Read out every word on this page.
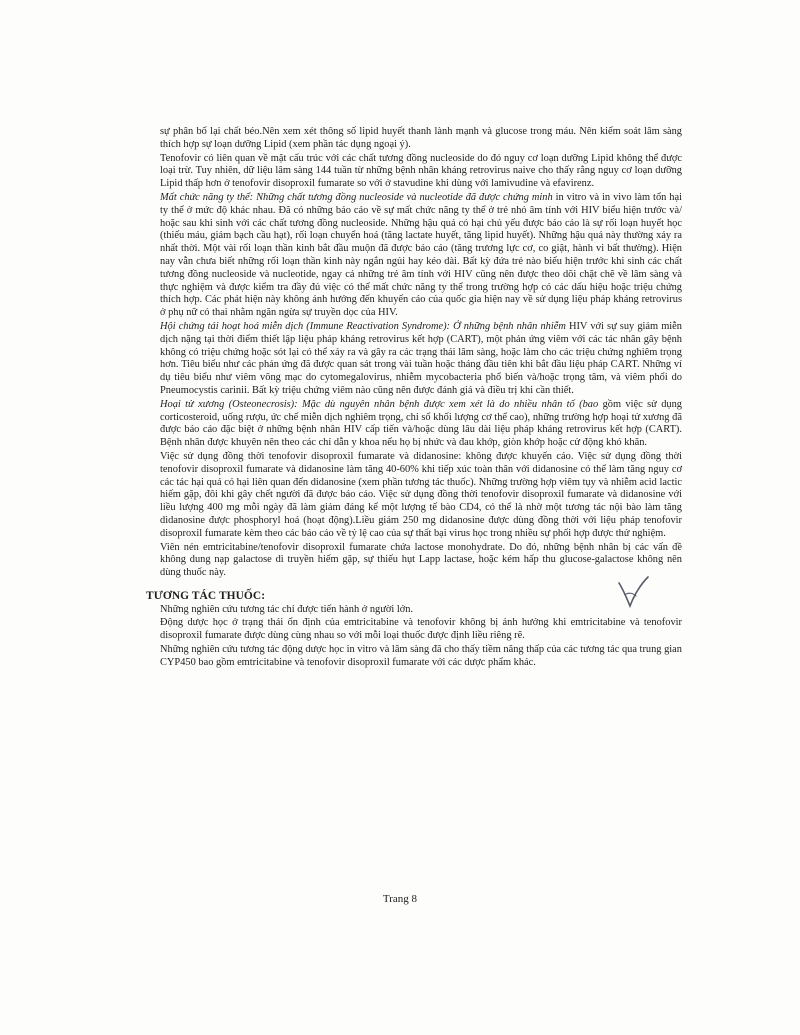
sự phân bố lại chất béo.Nên xem xét thông số lipid huyết thanh lành mạnh và glucose trong máu. Nên kiểm soát lâm sàng thích hợp sự loạn dưỡng Lipid (xem phần tác dụng ngoại ý).

Tenofovir có liên quan về mặt cấu trúc với các chất tương đồng nucleoside do đó nguy cơ loạn dưỡng Lipid không thể được loại trừ. Tuy nhiên, dữ liệu lâm sàng 144 tuần từ những bệnh nhân kháng retrovirus naive cho thấy rằng nguy cơ loạn dưỡng Lipid thấp hơn ở tenofovir disoproxil fumarate so với ở stavudine khi dùng với lamivudine và efavirenz.

Mất chức năng ty thể: Những chất tương đồng nucleoside và nucleotide đã được chứng minh in vitro và in vivo làm tổn hại ty thể ở mức độ khác nhau. Đã có những báo cáo về sự mất chức năng ty thể ở trẻ nhỏ âm tính với HIV biểu hiện trước và/ hoặc sau khi sinh với các chất tương đồng nucleoside. Những hậu quả có hại chủ yếu được báo cáo là sự rối loạn huyết học (thiếu máu, giảm bạch cầu hạt), rối loạn chuyển hoá (tăng lactate huyết, tăng lipid huyết). Những hậu quả này thường xảy ra nhất thời. Một vài rối loạn thần kinh bắt đầu muộn đã được báo cáo (tăng trương lực cơ, co giật, hành vi bất thường). Hiện nay vẫn chưa biết những rối loạn thần kinh này ngắn ngủi hay kéo dài. Bất kỳ đứa trẻ nào biểu hiện trước khi sinh các chất tương đồng nucleoside và nucleotide, ngay cả những trẻ âm tính với HIV cũng nên được theo dõi chặt chẽ về lâm sàng và thực nghiệm và được kiểm tra đầy đủ việc có thể mất chức năng ty thể trong trường hợp có các dấu hiệu hoặc triệu chứng thích hợp. Các phát hiện này không ảnh hưởng đến khuyến cáo của quốc gia hiện nay về sử dụng liệu pháp kháng retrovirus ở phụ nữ có thai nhằm ngăn ngừa sự truyền dọc của HIV.

Hội chứng tái hoạt hoá miễn dịch (Immune Reactivation Syndrome): Ở những bệnh nhân nhiễm HIV với sự suy giảm miễn dịch nặng tại thời điểm thiết lập liệu pháp kháng retrovirus kết hợp (CART), một phản ứng viêm với các tác nhân gây bệnh không có triệu chứng hoặc sót lại có thể xảy ra và gây ra các trạng thái lâm sàng, hoặc làm cho các triệu chứng nghiêm trọng hơn. Tiêu biểu như các phản ứng đã được quan sát trong vài tuần hoặc tháng đầu tiên khi bắt đầu liệu pháp CART. Những ví dụ tiêu biểu như viêm võng mạc do cytomegalovirus, nhiễm mycobacteria phổ biến và/hoặc trọng tâm, và viêm phổi do Pneumocystis carinii. Bất kỳ triệu chứng viêm nào cũng nên được đánh giá và điều trị khi cần thiết.

Hoại tử xương (Osteonecrosis): Mặc dù nguyên nhân bệnh được xem xét là do nhiều nhân tố (bao gồm việc sử dụng corticosteroid, uống rượu, ức chế miễn dịch nghiêm trọng, chỉ số khối lượng cơ thể cao), những trường hợp hoại tử xương đã được báo cáo đặc biệt ở những bệnh nhân HIV cấp tiến và/hoặc dùng lâu dài liệu pháp kháng retrovirus kết hợp (CART). Bệnh nhân được khuyên nên theo các chỉ dẫn y khoa nếu họ bị nhức và đau khớp, giòn khớp hoặc cử động khó khăn.

Việc sử dụng đồng thời tenofovir disoproxil fumarate và didanosine: không được khuyến cáo. Việc sử dụng đồng thời tenofovir disoproxil fumarate và didanosine làm tăng 40-60% khi tiếp xúc toàn thân với didanosine có thể làm tăng nguy cơ các tác hại quá có hại liên quan đến didanosine (xem phần tương tác thuốc). Những trường hợp viêm tụy và nhiễm acid lactic hiếm gặp, đôi khi gây chết người đã được báo cáo. Việc sử dụng đồng thời tenofovir disoproxil fumarate và didanosine với liều lượng 400 mg mỗi ngày đã làm giảm đáng kể một lượng tế bào CD4, có thể là nhờ một tương tác nội bào làm tăng didanosine được phosphoryl hoá (hoạt động).Liều giảm 250 mg didanosine được dùng đồng thời với liệu pháp tenofovir disoproxil fumarate kèm theo các báo cáo về tỷ lệ cao của sự thất bại virus học trong nhiều sự phối hợp được thử nghiệm.

Viên nén emtricitabine/tenofovir disoproxil fumarate chứa lactose monohydrate. Do đó, những bệnh nhân bị các vấn đề không dung nạp galactose di truyền hiếm gặp, sự thiếu hụt Lapp lactase, hoặc kém hấp thu glucose-galactose không nên dùng thuốc này.

TƯƠNG TÁC THUỐC:

Những nghiên cứu tương tác chỉ được tiến hành ở người lớn.

Động dược học ở trạng thái ổn định của emtricitabine và tenofovir không bị ảnh hưởng khi emtricitabine và tenofovir disoproxil fumarate được dùng cùng nhau so với mỗi loại thuốc được định liều riêng rẽ.

Những nghiên cứu tương tác động dược học in vitro và lâm sàng đã cho thấy tiềm năng thấp của các tương tác qua trung gian CYP450 bao gồm emtricitabine và tenofovir disoproxil fumarate với các dược phẩm khác.

Trang 8
